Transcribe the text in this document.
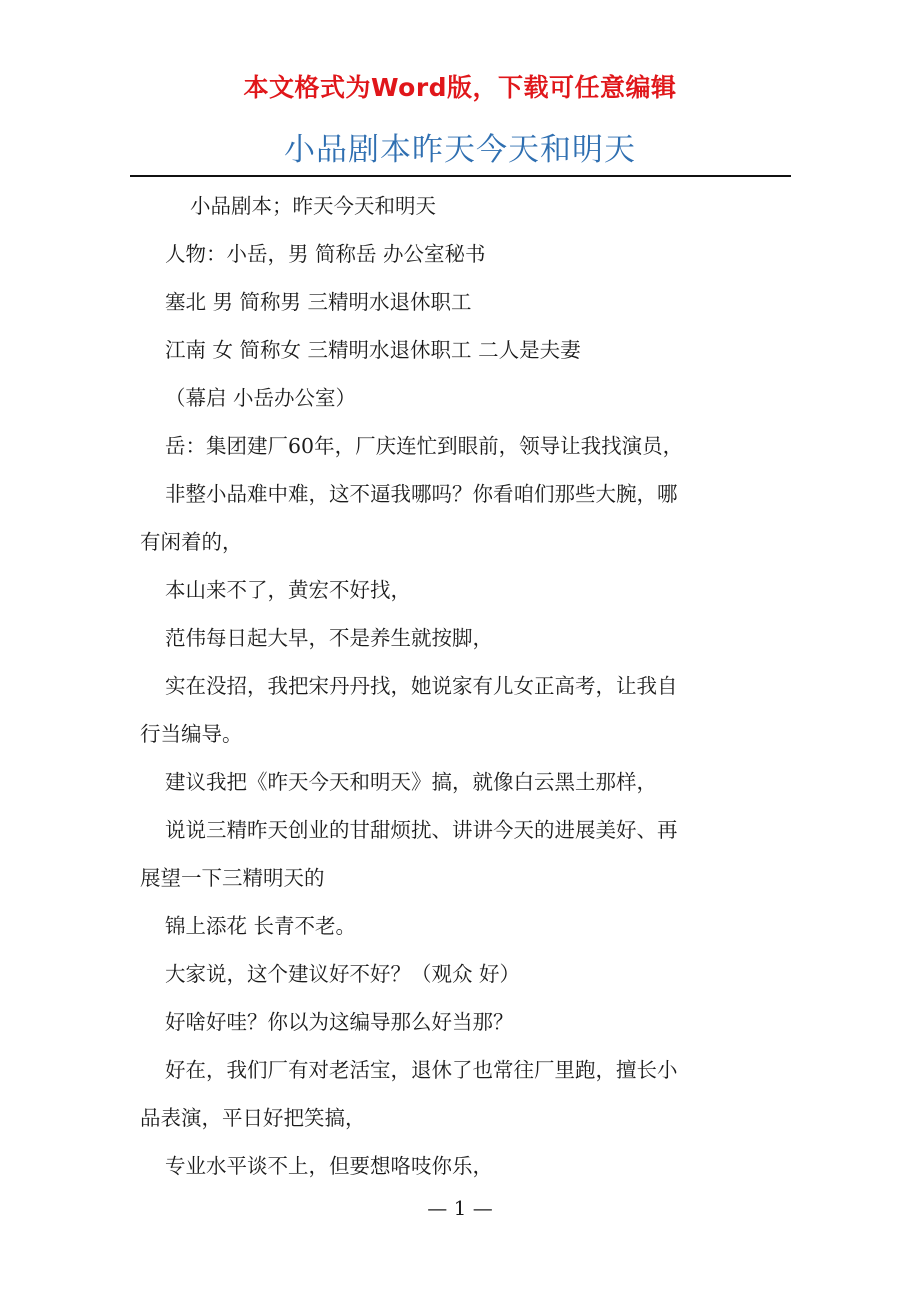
本文格式为Word版，下载可任意编辑
小品剧本昨天今天和明天
小品剧本；昨天今天和明天
人物：小岳，男 简称岳 办公室秘书
塞北 男 简称男 三精明水退休职工
江南 女 简称女 三精明水退休职工 二人是夫妻
（幕启 小岳办公室）
岳：集团建厂60年，厂庆连忙到眼前，领导让我找演员，
非整小品难中难，这不逼我哪吗？你看咱们那些大腕，哪
有闲着的，
本山来不了，黄宏不好找，
范伟每日起大早，不是养生就按脚，
实在没招，我把宋丹丹找，她说家有儿女正高考，让我自
行当编导。
建议我把《昨天今天和明天》搞，就像白云黑土那样，
说说三精昨天创业的甘甜烦扰、讲讲今天的进展美好、再
展望一下三精明天的
锦上添花 长青不老。
大家说，这个建议好不好？（观众 好）
好啥好哇？你以为这编导那么好当那？
好在，我们厂有对老活宝，退休了也常往厂里跑，擅长小
品表演，平日好把笑搞，
专业水平谈不上，但要想咯吱你乐，
— 1 —
